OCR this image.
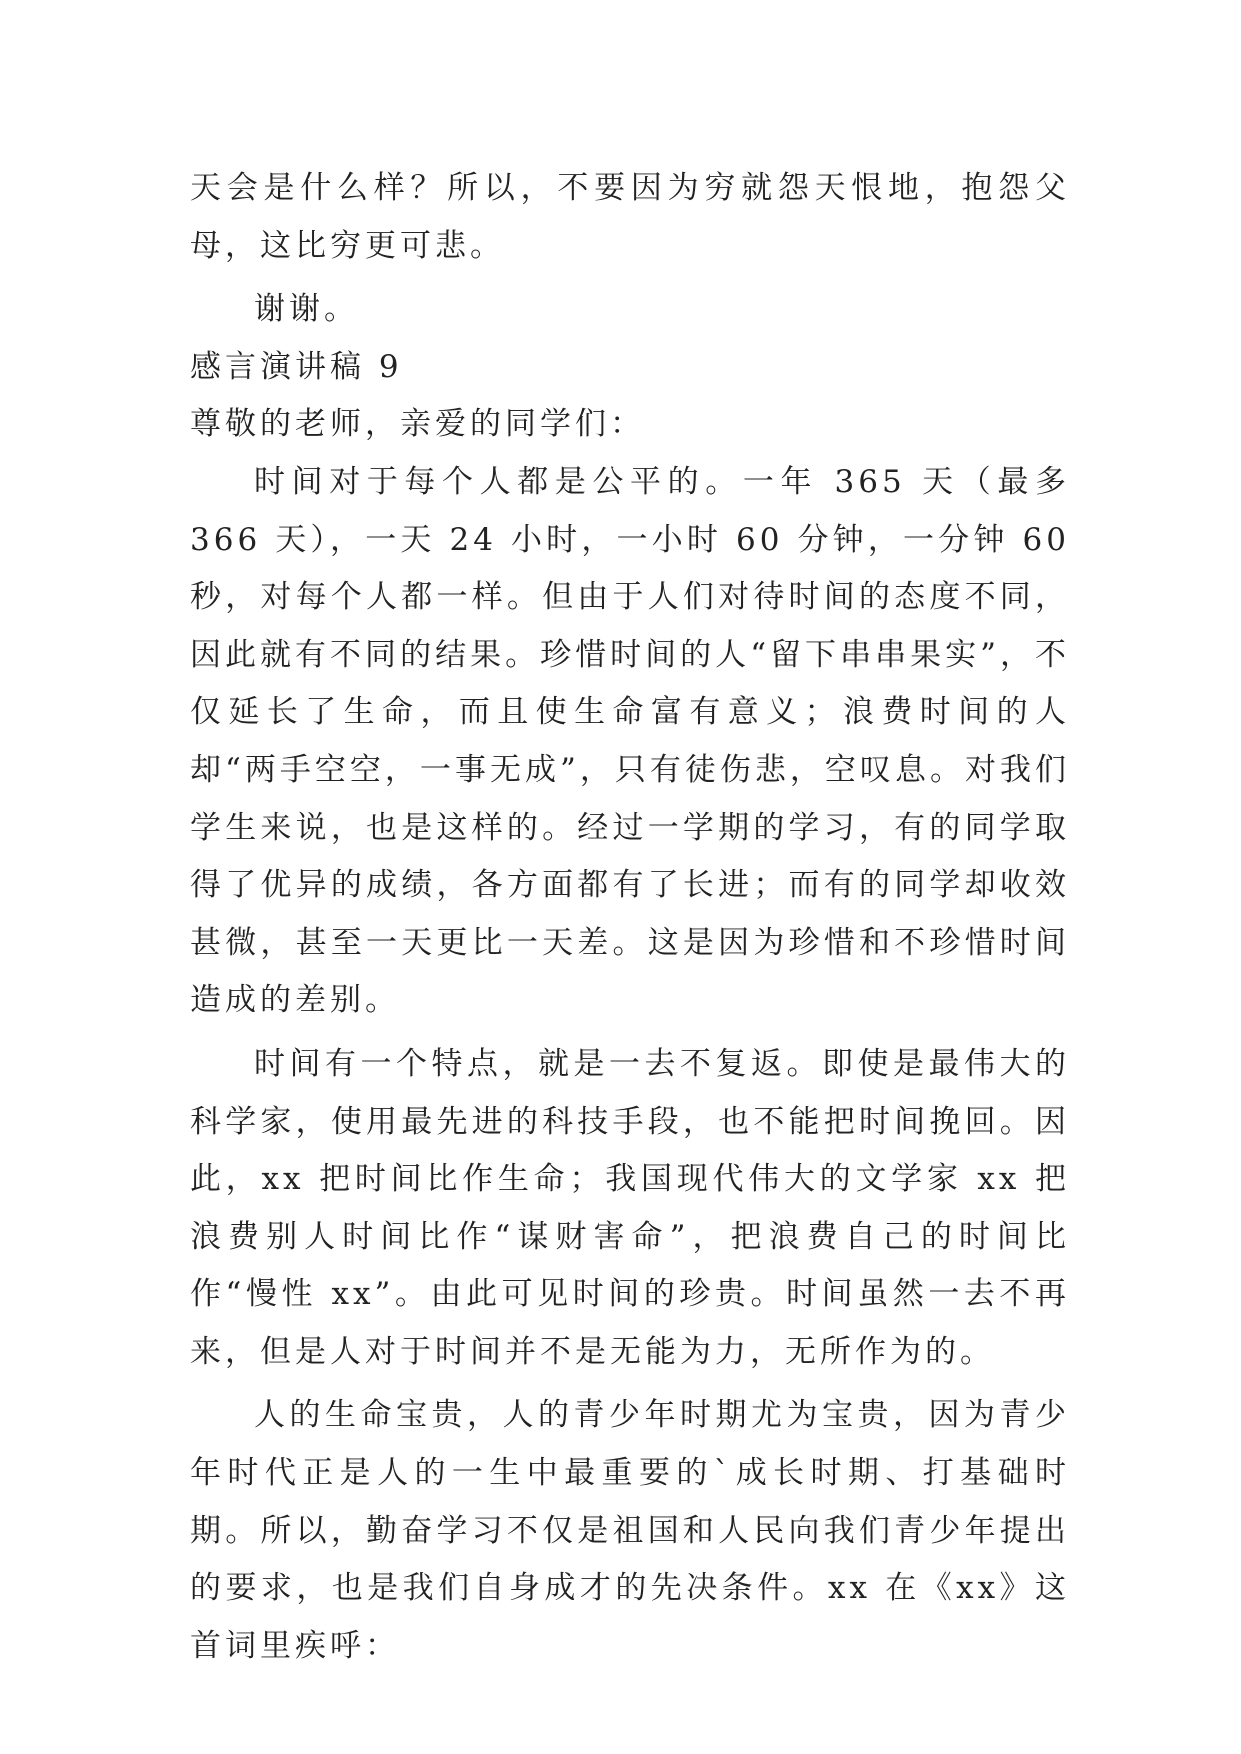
天会是什么样？所以，不要因为穷就怨天恨地，抱怨父母，这比穷更可悲。

谢谢。

感言演讲稿 9

尊敬的老师，亲爱的同学们：

时间对于每个人都是公平的。一年 365 天（最多 366 天），一天 24 小时，一小时 60 分钟，一分钟 60 秒，对每个人都一样。但由于人们对待时间的态度不同，因此就有不同的结果。珍惜时间的人“留下串串果实”，不仅延长了生命，而且使生命富有意义；浪费时间的人却“两手空空，一事无成”，只有徒伤悲，空叹息。对我们学生来说，也是这样的。经过一学期的学习，有的同学取得了优异的成绩，各方面都有了长进；而有的同学却收效甚微，甚至一天更比一天差。这是因为珍惜和不珍惜时间造成的差别。

时间有一个特点，就是一去不复返。即使是最伟大的科学家，使用最先进的科技手段，也不能把时间挽回。因此，xx 把时间比作生命；我国现代伟大的文学家 xx 把浪费别人时间比作“谋财害命”，把浪费自己的时间比作“慢性 xx”。由此可见时间的珍贵。时间虽然一去不再来，但是人对于时间并不是无能为力，无所作为的。

人的生命宝贵，人的青少年时期尤为宝贵，因为青少年时代正是人的一生中最重要的`成长时期、打基础时期。所以，勤奋学习不仅是祖国和人民向我们青少年提出的要求，也是我们自身成才的先决条件。xx 在《xx》这首词里疾呼：
